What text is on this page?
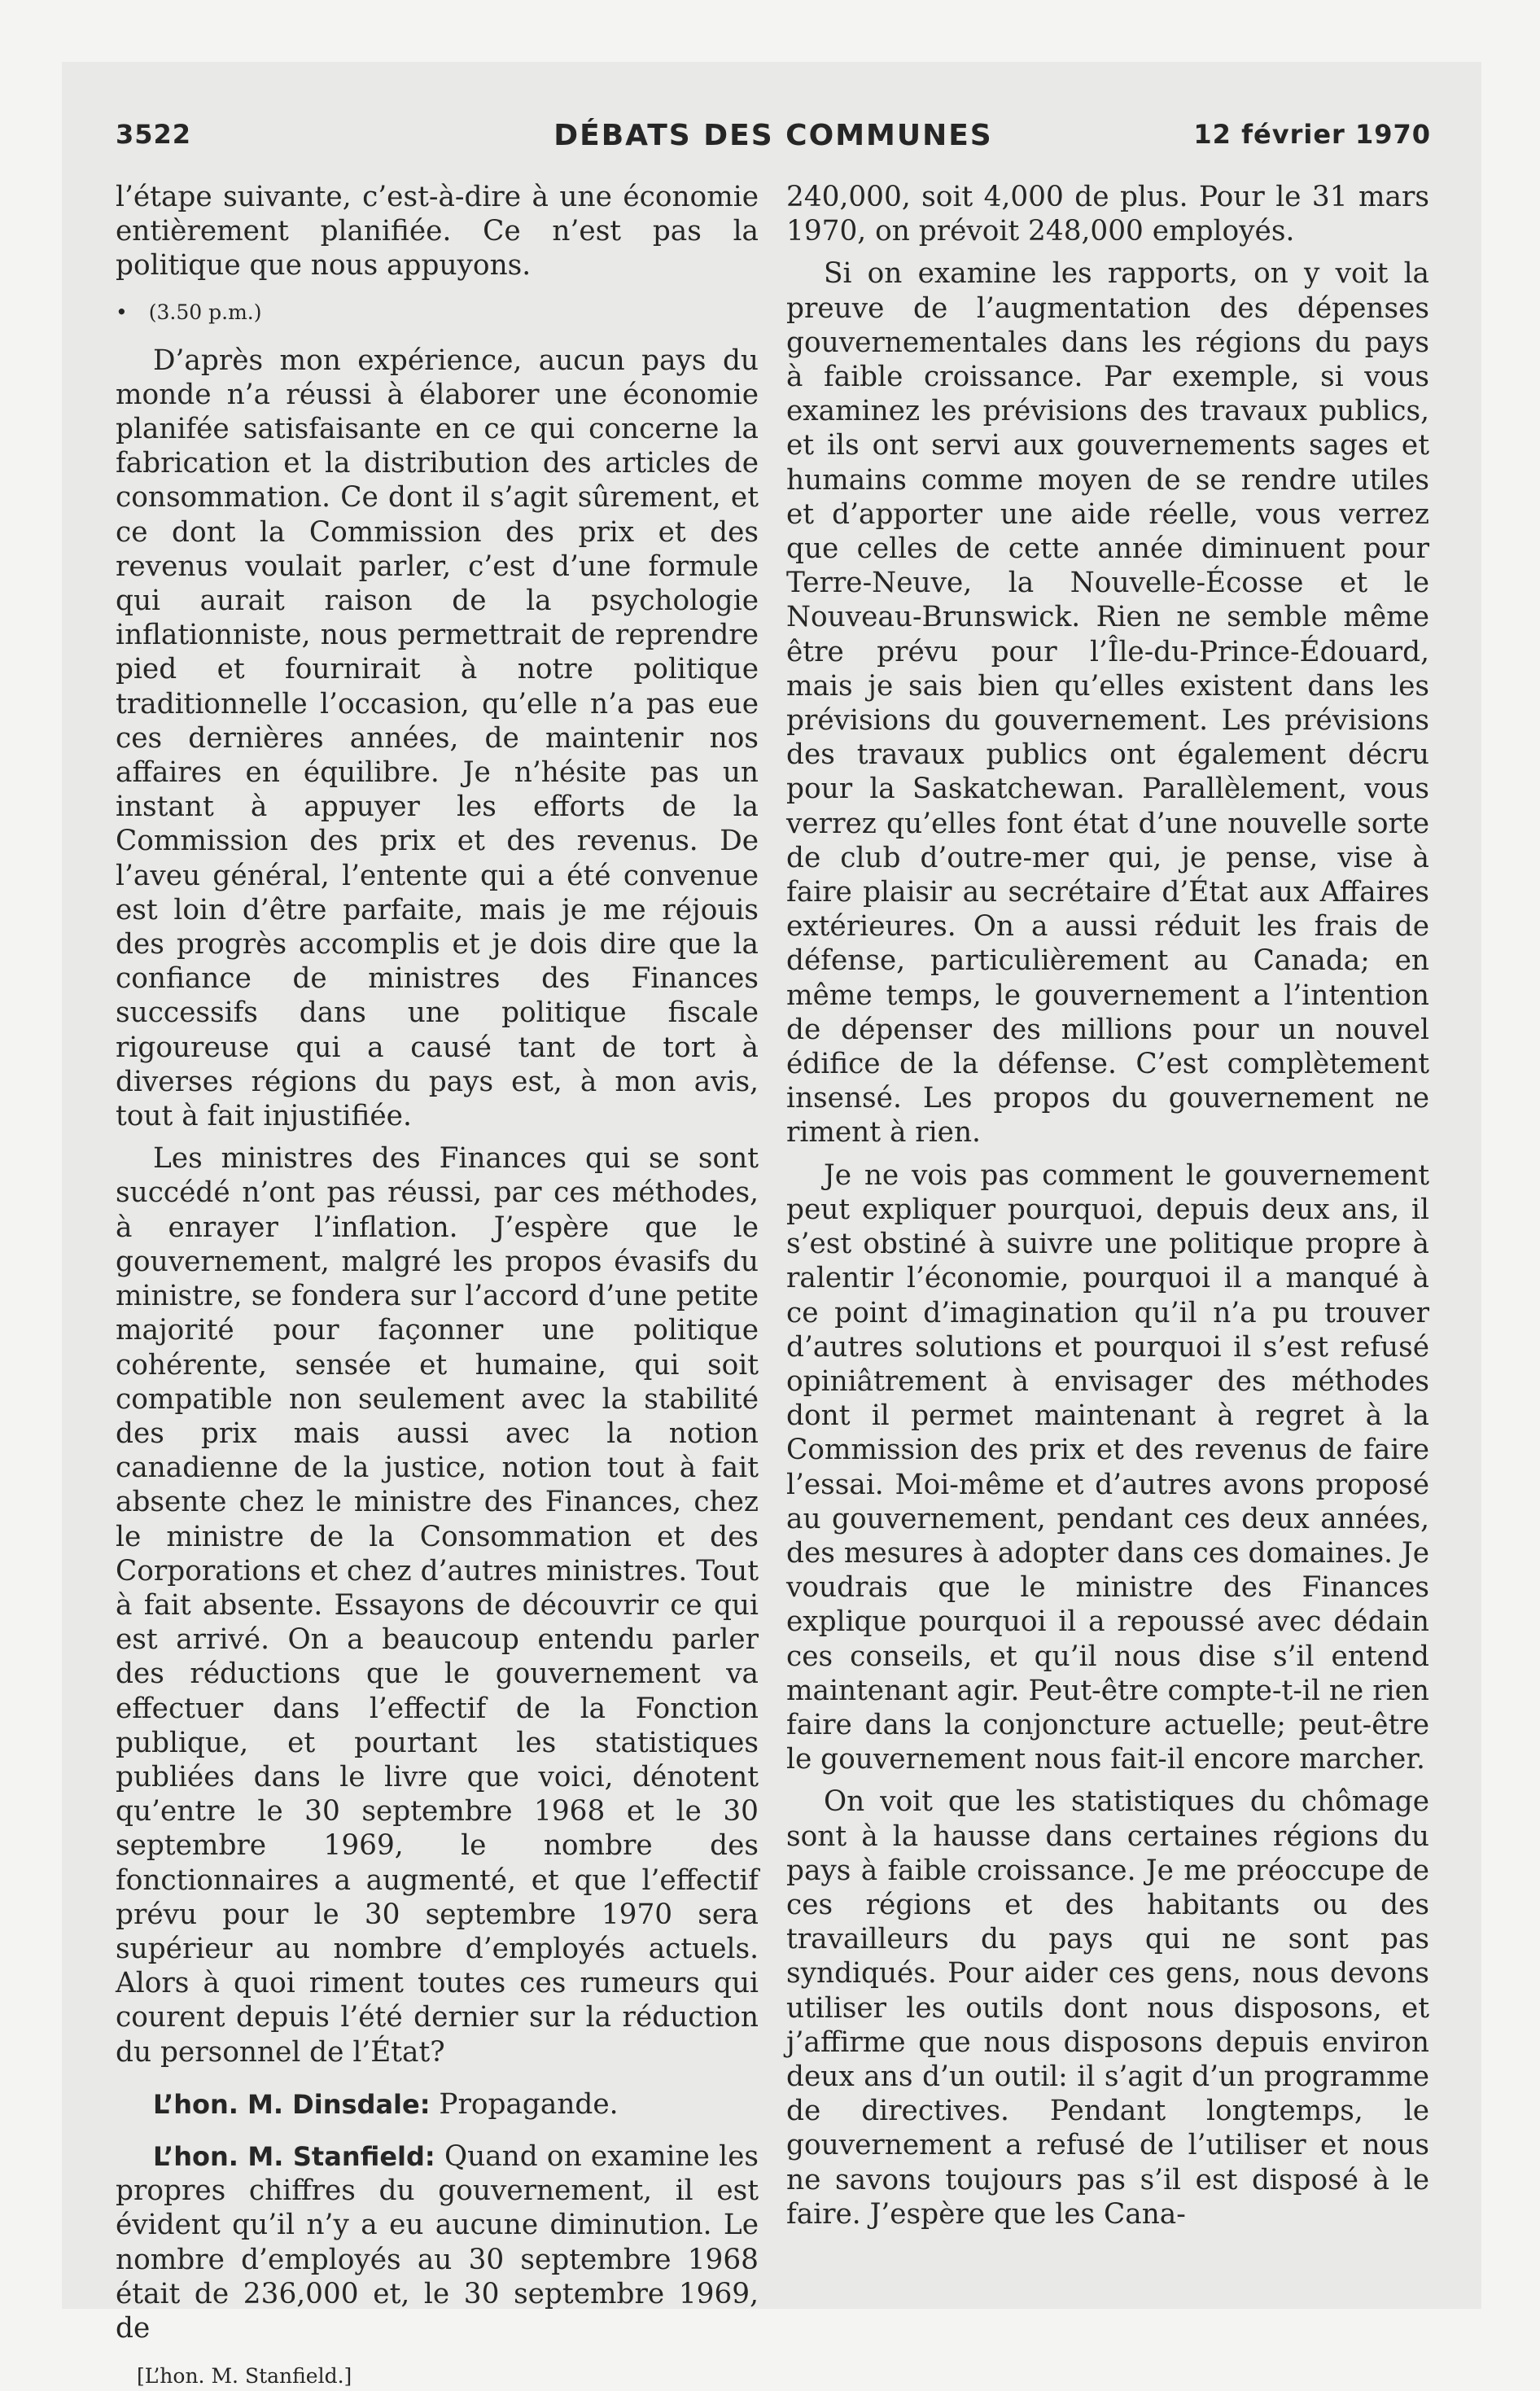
DÉBATS DES COMMUNES
3522	12 février 1970

l’étape suivante, c’est-à-dire à une économie entièrement planifiée. Ce n’est pas la politique que nous appuyons.

• (3.50 p.m.)

D’après mon expérience, aucun pays du monde n’a réussi à élaborer une économie planifée satisfaisante en ce qui concerne la fabrication et la distribution des articles de consommation. Ce dont il s’agit sûrement, et ce dont la Commission des prix et des revenus voulait parler, c’est d’une formule qui aurait raison de la psychologie inflationniste, nous permettrait de reprendre pied et fournirait à notre politique traditionnelle l’occasion, qu’elle n’a pas eue ces dernières années, de maintenir nos affaires en équilibre. Je n’hésite pas un instant à appuyer les efforts de la Commission des prix et des revenus. De l’aveu général, l’entente qui a été convenue est loin d’être parfaite, mais je me réjouis des progrès accomplis et je dois dire que la confiance de ministres des Finances successifs dans une politique fiscale rigoureuse qui a causé tant de tort à diverses régions du pays est, à mon avis, tout à fait injustifiée.

Les ministres des Finances qui se sont succédé n’ont pas réussi, par ces méthodes, à enrayer l’inflation. J’espère que le gouvernement, malgré les propos évasifs du ministre, se fondera sur l’accord d’une petite majorité pour façonner une politique cohérente, sensée et humaine, qui soit compatible non seulement avec la stabilité des prix mais aussi avec la notion canadienne de la justice, notion tout à fait absente chez le ministre des Finances, chez le ministre de la Consommation et des Corporations et chez d’autres ministres. Tout à fait absente. Essayons de découvrir ce qui est arrivé. On a beaucoup entendu parler des réductions que le gouvernement va effectuer dans l’effectif de la Fonction publique, et pourtant les statistiques publiées dans le livre que voici, dénotent qu’entre le 30 septembre 1968 et le 30 septembre 1969, le nombre des fonctionnaires a augmenté, et que l’effectif prévu pour le 30 septembre 1970 sera supérieur au nombre d’employés actuels. Alors à quoi riment toutes ces rumeurs qui courent depuis l’été dernier sur la réduction du personnel de l’État?

L’hon. M. Dinsdale: Propagande.

L’hon. M. Stanfield: Quand on examine les propres chiffres du gouvernement, il est évident qu’il n’y a eu aucune diminution. Le nombre d’employés au 30 septembre 1968 était de 236,000 et, le 30 septembre 1969, de

[L’hon. M. Stanfield.]

240,000, soit 4,000 de plus. Pour le 31 mars 1970, on prévoit 248,000 employés.

Si on examine les rapports, on y voit la preuve de l’augmentation des dépenses gouvernementales dans les régions du pays à faible croissance. Par exemple, si vous examinez les prévisions des travaux publics, et ils ont servi aux gouvernements sages et humains comme moyen de se rendre utiles et d’apporter une aide réelle, vous verrez que celles de cette année diminuent pour Terre-Neuve, la Nouvelle-Écosse et le Nouveau-Brunswick. Rien ne semble même être prévu pour l’Île-du-Prince-Édouard, mais je sais bien qu’elles existent dans les prévisions du gouvernement. Les prévisions des travaux publics ont également décru pour la Saskatchewan. Parallèlement, vous verrez qu’elles font état d’une nouvelle sorte de club d’outre-mer qui, je pense, vise à faire plaisir au secrétaire d’État aux Affaires extérieures. On a aussi réduit les frais de défense, particulièrement au Canada; en même temps, le gouvernement a l’intention de dépenser des millions pour un nouvel édifice de la défense. C’est complètement insensé. Les propos du gouvernement ne riment à rien.

Je ne vois pas comment le gouvernement peut expliquer pourquoi, depuis deux ans, il s’est obstiné à suivre une politique propre à ralentir l’économie, pourquoi il a manqué à ce point d’imagination qu’il n’a pu trouver d’autres solutions et pourquoi il s’est refusé opiniâtrement à envisager des méthodes dont il permet maintenant à regret à la Commission des prix et des revenus de faire l’essai. Moi-même et d’autres avons proposé au gouvernement, pendant ces deux années, des mesures à adopter dans ces domaines. Je voudrais que le ministre des Finances explique pourquoi il a repoussé avec dédain ces conseils, et qu’il nous dise s’il entend maintenant agir. Peut-être compte-t-il ne rien faire dans la conjoncture actuelle; peut-être le gouvernement nous fait-il encore marcher.

On voit que les statistiques du chômage sont à la hausse dans certaines régions du pays à faible croissance. Je me préoccupe de ces régions et des habitants ou des travailleurs du pays qui ne sont pas syndiqués. Pour aider ces gens, nous devons utiliser les outils dont nous disposons, et j’affirme que nous disposons depuis environ deux ans d’un outil: il s’agit d’un programme de directives. Pendant longtemps, le gouvernement a refusé de l’utiliser et nous ne savons toujours pas s’il est disposé à le faire. J’espère que les Cana-
